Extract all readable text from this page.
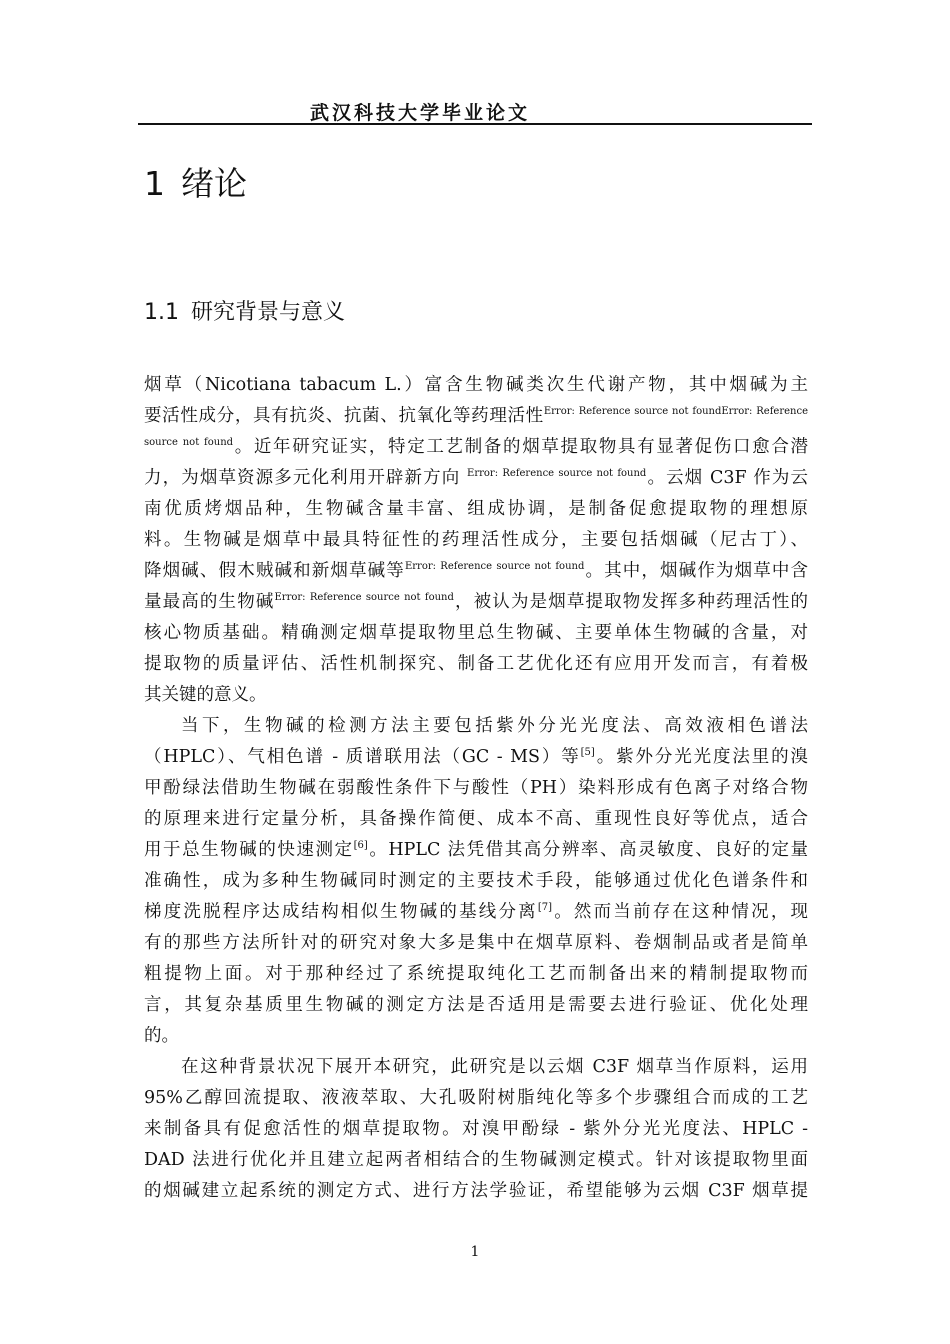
武汉科技大学毕业论文
1 绪论
1.1 研究背景与意义
烟草（Nicotiana tabacum L.）富含生物碱类次生代谢产物，其中烟碱为主
要活性成分，具有抗炎、抗菌、抗氧化等药理活性$^{Error: Reference source not foundError: Reference}$
$^{source not found}$。近年研究证实，特定工艺制备的烟草提取物具有显著促伤口愈合潜
力，为烟草资源多元化利用开辟新方向 $^{Error: Reference source not found}$。云烟 C3F 作为云
南优质烤烟品种，生物碱含量丰富、组成协调，是制备促愈提取物的理想原
料。生物碱是烟草中最具特征性的药理活性成分，主要包括烟碱（尼古丁）、
降烟碱、假木贼碱和新烟草碱等$^{Error: Reference source not found}$。其中，烟碱作为烟草中含
量最高的生物碱$^{Error: Reference source not found}$，被认为是烟草提取物发挥多种药理活性的
核心物质基础。精确测定烟草提取物里总生物碱、主要单体生物碱的含量，对
提取物的质量评估、活性机制探究、制备工艺优化还有应用开发而言，有着极
其关键的意义。
当下，生物碱的检测方法主要包括紫外分光光度法、高效液相色谱法
（HPLC）、气相色谱 - 质谱联用法（GC - MS）等[5]。紫外分光光度法里的溴
甲酚绿法借助生物碱在弱酸性条件下与酸性（PH）染料形成有色离子对络合物
的原理来进行定量分析，具备操作简便、成本不高、重现性良好等优点，适合
用于总生物碱的快速测定[6]。HPLC 法凭借其高分辨率、高灵敏度、良好的定量
准确性，成为多种生物碱同时测定的主要技术手段，能够通过优化色谱条件和
梯度洗脱程序达成结构相似生物碱的基线分离[7]。然而当前存在这种情况，现
有的那些方法所针对的研究对象大多是集中在烟草原料、卷烟制品或者是简单
粗提物上面。对于那种经过了系统提取纯化工艺而制备出来的精制提取物而
言，其复杂基质里生物碱的测定方法是否适用是需要去进行验证、优化处理
的。
在这种背景状况下展开本研究，此研究是以云烟 C3F 烟草当作原料，运用
95%乙醇回流提取、液液萃取、大孔吸附树脂纯化等多个步骤组合而成的工艺
来制备具有促愈活性的烟草提取物。对溴甲酚绿 - 紫外分光光度法、HPLC -
DAD 法进行优化并且建立起两者相结合的生物碱测定模式。针对该提取物里面
的烟碱建立起系统的测定方式、进行方法学验证，希望能够为云烟 C3F 烟草提
1
